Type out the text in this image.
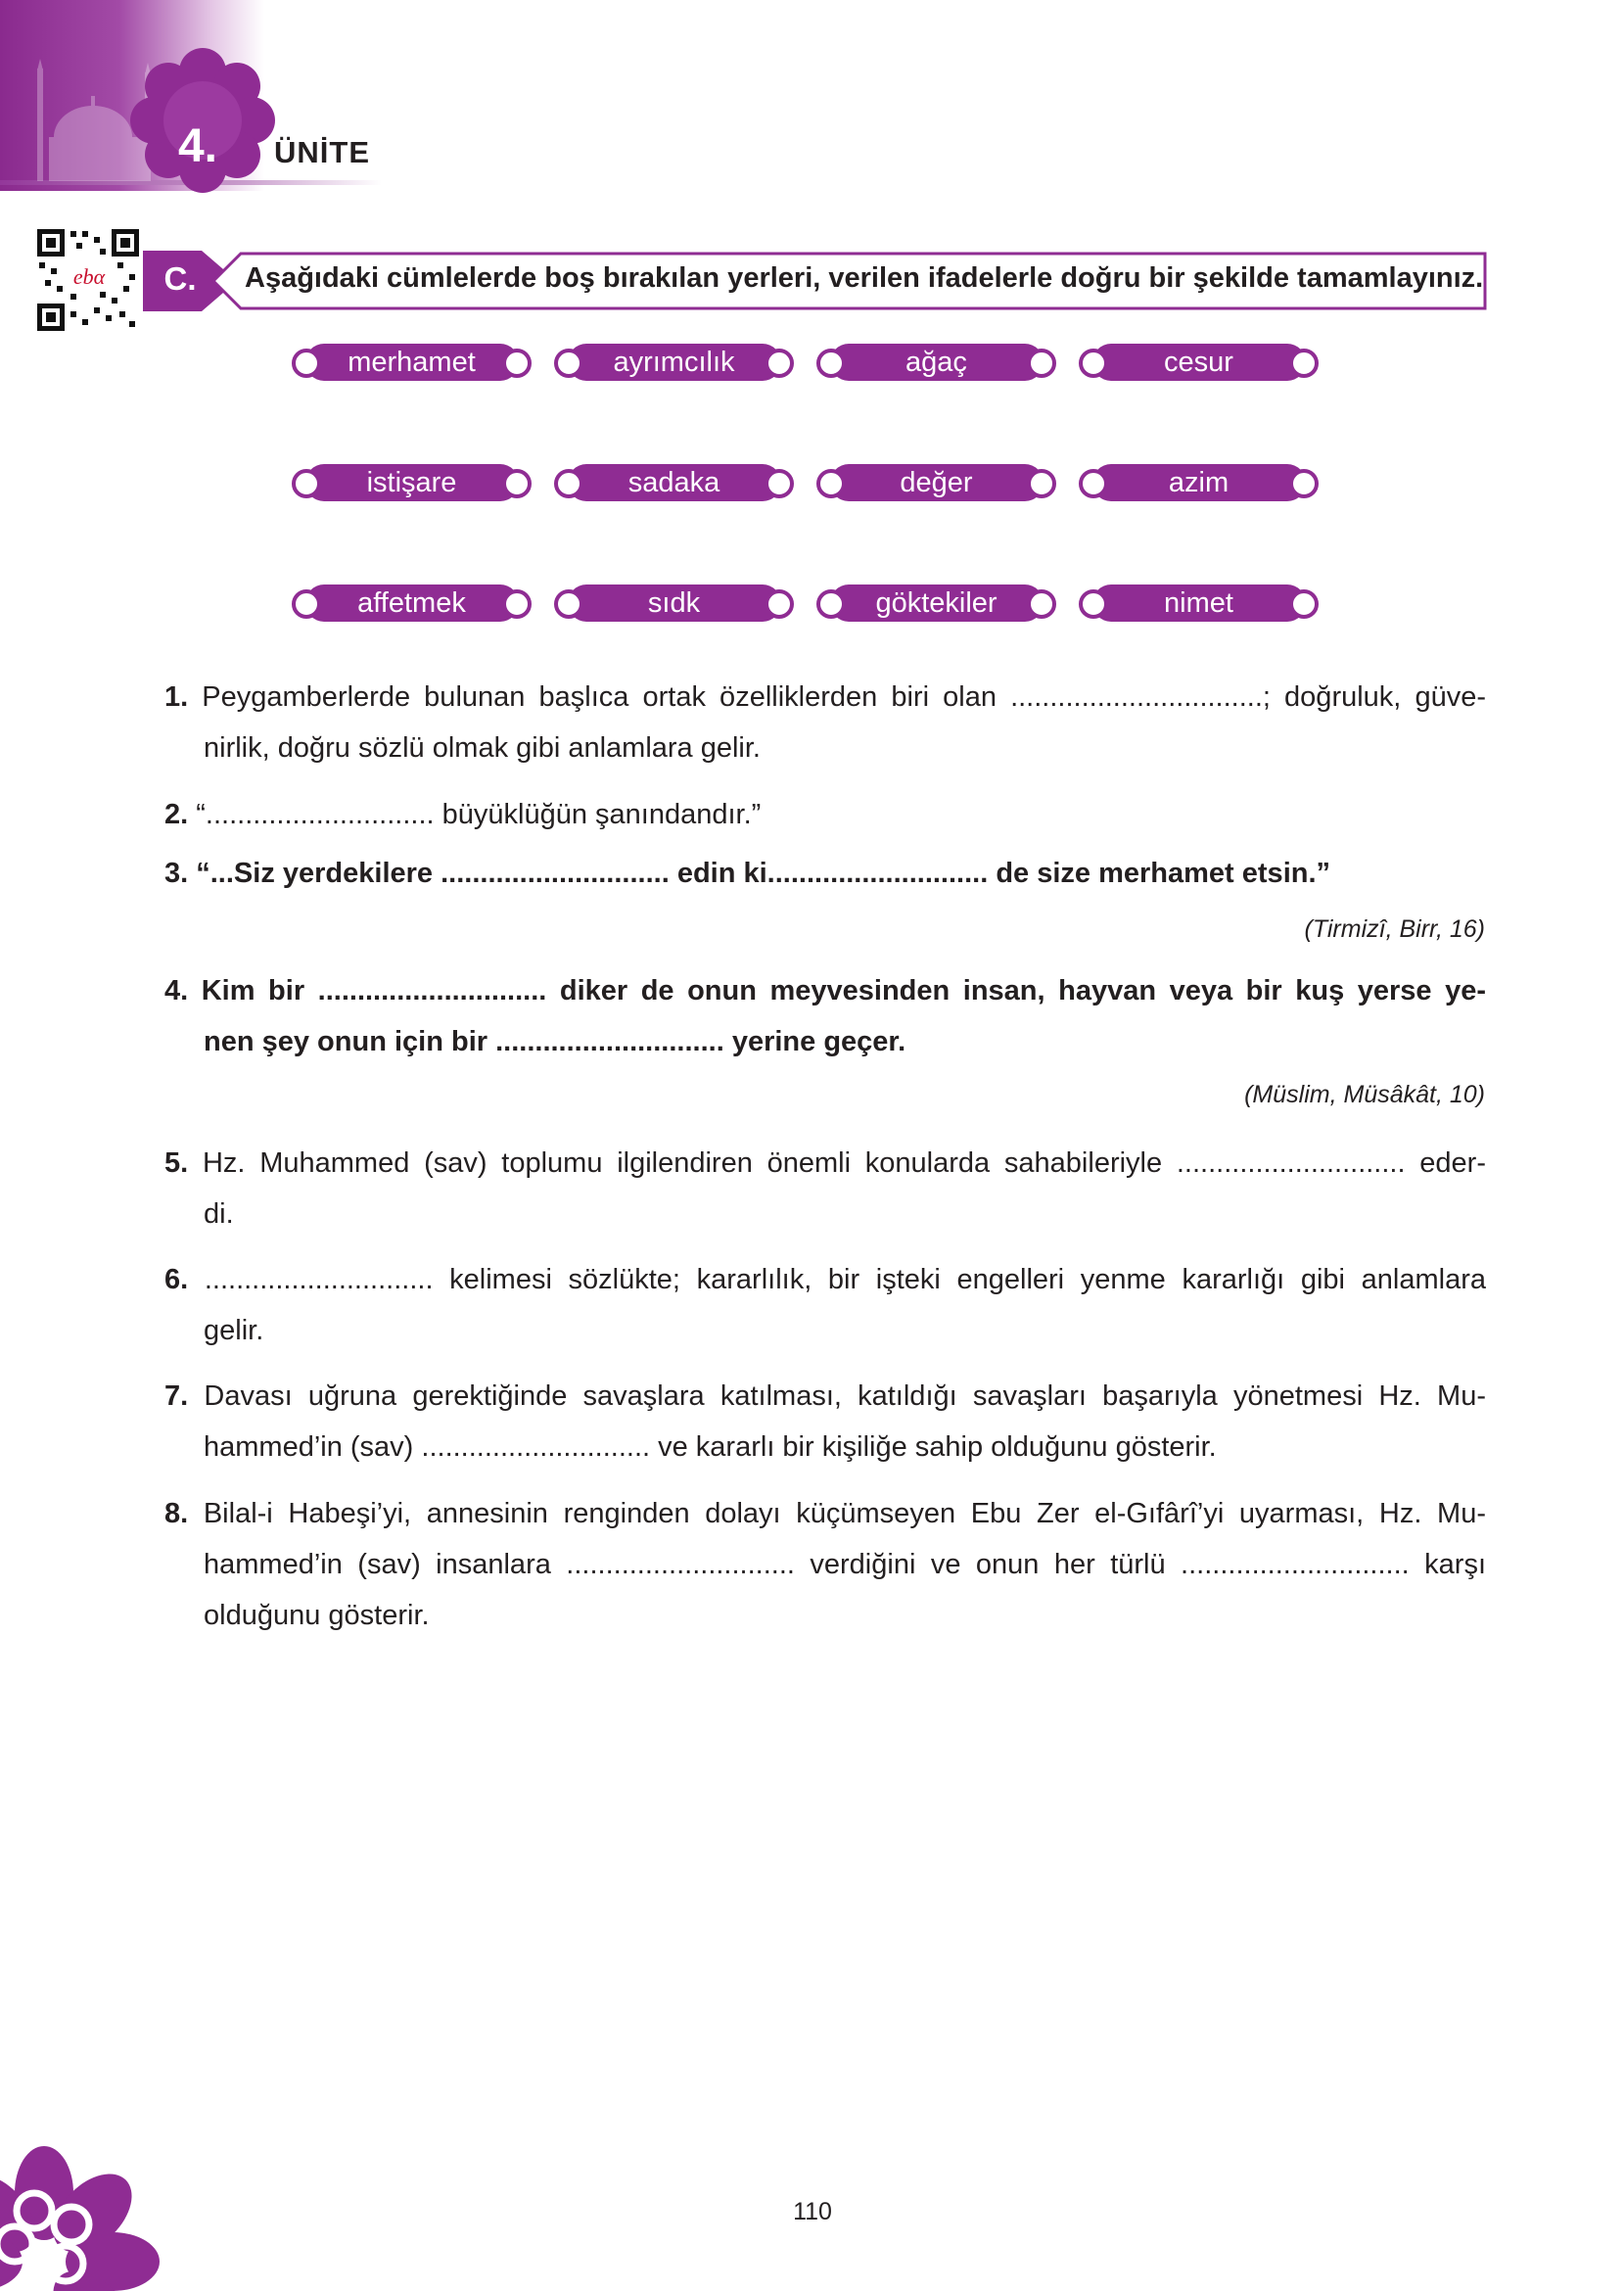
4.	ÜNİTE
ebα C. Aşağıdaki cümlelerde boş bırakılan yerleri, verilen ifadelerle doğru bir şekilde tamamlayınız.
merhamet	ayrımcılık	ağaç	cesur
istişare	sadaka	değer	azim
affetmek	sıdk	göktekiler	nimet
1. Peygamberlerde bulunan başlıca ortak özelliklerden biri olan ................................; doğruluk, güve-
nirlik, doğru sözlü olmak gibi anlamlara gelir.
2. “............................. büyüklüğün şanındandır.”
3. “...Siz yerdekilere ............................. edin ki............................ de size merhamet etsin.”
(Tirmizî, Birr, 16)
4. Kim bir ............................. diker de onun meyvesinden insan, hayvan veya bir kuş yerse ye-
nen şey onun için bir ............................. yerine geçer.
(Müslim, Müsâkât, 10)
5. Hz. Muhammed (sav) toplumu ilgilendiren önemli konularda sahabileriyle ............................. eder-
di.
6. ............................. kelimesi sözlükte; kararlılık, bir işteki engelleri yenme kararlığı gibi anlamlara
gelir.
7. Davası uğruna gerektiğinde savaşlara katılması, katıldığı savaşları başarıyla yönetmesi Hz. Mu-
hammed’in (sav) ............................. ve kararlı bir kişiliğe sahip olduğunu gösterir.
8. Bilal-i Habeşi’yi, annesinin renginden dolayı küçümseyen Ebu Zer el-Gıfârî’yi uyarması, Hz. Mu-
hammed’in (sav) insanlara ............................. verdiğini ve onun her türlü ............................. karşı
olduğunu gösterir.
110
